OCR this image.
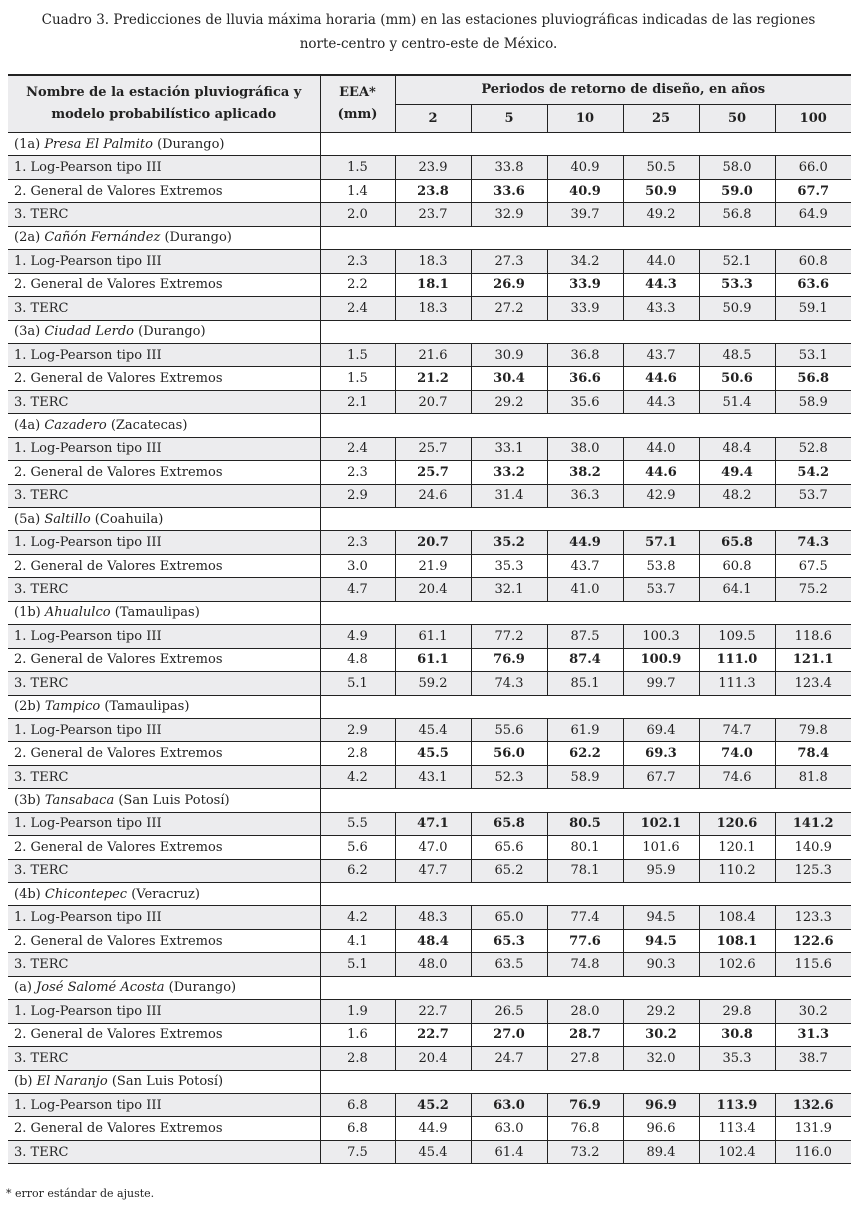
Cuadro 3. Predicciones de lluvia máxima horaria (mm) en las estaciones pluviográficas indicadas de las regiones
norte-centro y centro-este de México.
Nombre de la estación pluviográfica y modelo probabilístico aplicado	EEA*
(mm)	Periodos de retorno de diseño, en años					
		2	5	10	25	50	100
(1a) Presa El Palmito (Durango)							
1. Log-Pearson tipo III	1.5	23.9	33.8	40.9	50.5	58.0	66.0
2. General de Valores Extremos	1.4	23.8	33.6	40.9	50.9	59.0	67.7
3. TERC	2.0	23.7	32.9	39.7	49.2	56.8	64.9
(2a) Cañón Fernández (Durango)							
1. Log-Pearson tipo III	2.3	18.3	27.3	34.2	44.0	52.1	60.8
2. General de Valores Extremos	2.2	18.1	26.9	33.9	44.3	53.3	63.6
3. TERC	2.4	18.3	27.2	33.9	43.3	50.9	59.1
(3a) Ciudad Lerdo (Durango)							
1. Log-Pearson tipo III	1.5	21.6	30.9	36.8	43.7	48.5	53.1
2. General de Valores Extremos	1.5	21.2	30.4	36.6	44.6	50.6	56.8
3. TERC	2.1	20.7	29.2	35.6	44.3	51.4	58.9
(4a) Cazadero (Zacatecas)							
1. Log-Pearson tipo III	2.4	25.7	33.1	38.0	44.0	48.4	52.8
2. General de Valores Extremos	2.3	25.7	33.2	38.2	44.6	49.4	54.2
3. TERC	2.9	24.6	31.4	36.3	42.9	48.2	53.7
(5a) Saltillo (Coahuila)							
1. Log-Pearson tipo III	2.3	20.7	35.2	44.9	57.1	65.8	74.3
2. General de Valores Extremos	3.0	21.9	35.3	43.7	53.8	60.8	67.5
3. TERC	4.7	20.4	32.1	41.0	53.7	64.1	75.2
(1b) Ahualulco (Tamaulipas)							
1. Log-Pearson tipo III	4.9	61.1	77.2	87.5	100.3	109.5	118.6
2. General de Valores Extremos	4.8	61.1	76.9	87.4	100.9	111.0	121.1
3. TERC	5.1	59.2	74.3	85.1	99.7	111.3	123.4
(2b) Tampico (Tamaulipas)							
1. Log-Pearson tipo III	2.9	45.4	55.6	61.9	69.4	74.7	79.8
2. General de Valores Extremos	2.8	45.5	56.0	62.2	69.3	74.0	78.4
3. TERC	4.2	43.1	52.3	58.9	67.7	74.6	81.8
(3b) Tansabaca (San Luis Potosí)							
1. Log-Pearson tipo III	5.5	47.1	65.8	80.5	102.1	120.6	141.2
2. General de Valores Extremos	5.6	47.0	65.6	80.1	101.6	120.1	140.9
3. TERC	6.2	47.7	65.2	78.1	95.9	110.2	125.3
(4b) Chicontepec (Veracruz)							
1. Log-Pearson tipo III	4.2	48.3	65.0	77.4	94.5	108.4	123.3
2. General de Valores Extremos	4.1	48.4	65.3	77.6	94.5	108.1	122.6
3. TERC	5.1	48.0	63.5	74.8	90.3	102.6	115.6
(a) José Salomé Acosta (Durango)							
1. Log-Pearson tipo III	1.9	22.7	26.5	28.0	29.2	29.8	30.2
2. General de Valores Extremos	1.6	22.7	27.0	28.7	30.2	30.8	31.3
3. TERC	2.8	20.4	24.7	27.8	32.0	35.3	38.7
(b) El Naranjo (San Luis Potosí)							
1. Log-Pearson tipo III	6.8	45.2	63.0	76.9	96.9	113.9	132.6
2. General de Valores Extremos	6.8	44.9	63.0	76.8	96.6	113.4	131.9
3. TERC	7.5	45.4	61.4	73.2	89.4	102.4	116.0
* error estándar de ajuste.
